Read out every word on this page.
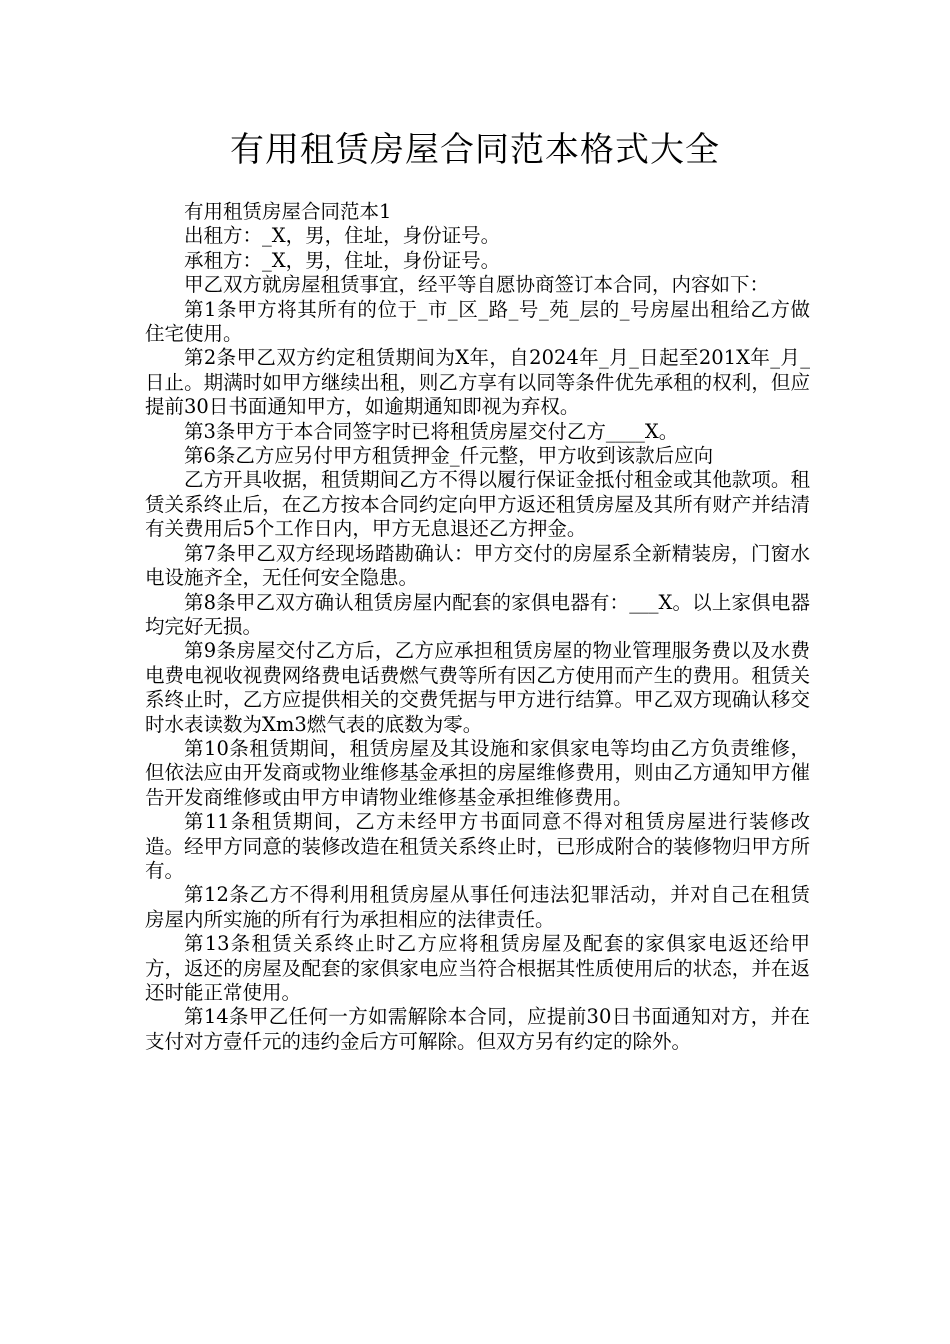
有用租赁房屋合同范本格式大全

有用租赁房屋合同范本1

出租方：_X，男，住址，身份证号。

承租方：_X，男，住址，身份证号。

甲乙双方就房屋租赁事宜，经平等自愿协商签订本合同，内容如下：

第1条甲方将其所有的位于_市_区_路_号_苑_层的_号房屋出租给乙方做住宅使用。

第2条甲乙双方约定租赁期间为X年，自2024年_月_日起至201X年_月_日止。期满时如甲方继续出租，则乙方享有以同等条件优先承租的权利，但应提前30日书面通知甲方，如逾期通知即视为弃权。

第3条甲方于本合同签字时已将租赁房屋交付乙方____X。

第6条乙方应另付甲方租赁押金_仟元整，甲方收到该款后应向

乙方开具收据，租赁期间乙方不得以履行保证金抵付租金或其他款项。租赁关系终止后，在乙方按本合同约定向甲方返还租赁房屋及其所有财产并结清有关费用后5个工作日内，甲方无息退还乙方押金。

第7条甲乙双方经现场踏勘确认：甲方交付的房屋系全新精装房，门窗水电设施齐全，无任何安全隐患。

第8条甲乙双方确认租赁房屋内配套的家俱电器有：___X。以上家俱电器均完好无损。

第9条房屋交付乙方后，乙方应承担租赁房屋的物业管理服务费以及水费电费电视收视费网络费电话费燃气费等所有因乙方使用而产生的费用。租赁关系终止时，乙方应提供相关的交费凭据与甲方进行结算。甲乙双方现确认移交时水表读数为Xm3燃气表的底数为零。

第10条租赁期间，租赁房屋及其设施和家俱家电等均由乙方负责维修，但依法应由开发商或物业维修基金承担的房屋维修费用，则由乙方通知甲方催告开发商维修或由甲方申请物业维修基金承担维修费用。

第11条租赁期间，乙方未经甲方书面同意不得对租赁房屋进行装修改造。经甲方同意的装修改造在租赁关系终止时，已形成附合的装修物归甲方所有。

第12条乙方不得利用租赁房屋从事任何违法犯罪活动，并对自己在租赁房屋内所实施的所有行为承担相应的法律责任。

第13条租赁关系终止时乙方应将租赁房屋及配套的家俱家电返还给甲方，返还的房屋及配套的家俱家电应当符合根据其性质使用后的状态，并在返还时能正常使用。

第14条甲乙任何一方如需解除本合同，应提前30日书面通知对方，并在支付对方壹仟元的违约金后方可解除。但双方另有约定的除外。
